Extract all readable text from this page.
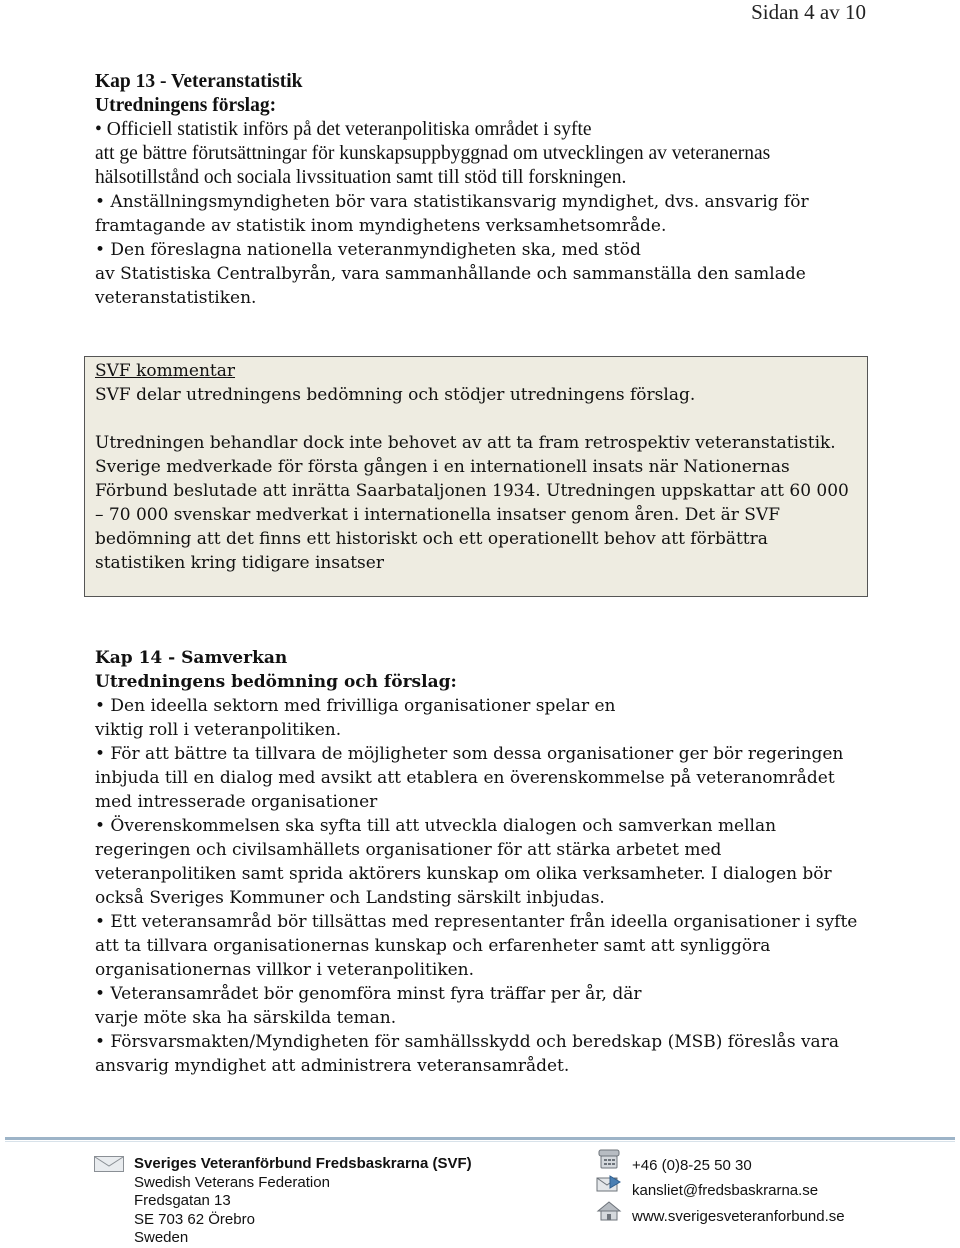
Sidan 4 av 10
Kap 13 - Veteranstatistik
Utredningens förslag:
• Officiell statistik införs på det veteranpolitiska området i syfte
att ge bättre förutsättningar för kunskapsuppbyggnad om utvecklingen av veteranernas
hälsotillstånd och sociala livssituation samt till stöd till forskningen.
• Anställningsmyndigheten bör vara statistikansvarig myndighet, dvs. ansvarig för
framtagande av statistik inom myndighetens verksamhetsområde.
• Den föreslagna nationella veteranmyndigheten ska, med stöd
av Statistiska Centralbyrån, vara sammanhållande och sammanställa den samlade
veteranstatistiken.
SVF kommentar
SVF delar utredningens bedömning och stödjer utredningens förslag.
Utredningen behandlar dock inte behovet av att ta fram retrospektiv veteranstatistik.
Sverige medverkade för första gången i en internationell insats när Nationernas
Förbund beslutade att inrätta Saarbataljonen 1934. Utredningen uppskattar att 60 000
– 70 000 svenskar medverkat i internationella insatser genom åren. Det är SVF
bedömning att det finns ett historiskt och ett operationellt behov att förbättra
statistiken kring tidigare insatser
Kap 14 - Samverkan
Utredningens bedömning och förslag:
• Den ideella sektorn med frivilliga organisationer spelar en
viktig roll i veteranpolitiken.
• För att bättre ta tillvara de möjligheter som dessa organisationer ger bör regeringen
inbjuda till en dialog med avsikt att etablera en överenskommelse på veteranområdet
med intresserade organisationer
• Överenskommelsen ska syfta till att utveckla dialogen och samverkan mellan
regeringen och civilsamhällets organisationer för att stärka arbetet med
veteranpolitiken samt sprida aktörers kunskap om olika verksamheter. I dialogen bör
också Sveriges Kommuner och Landsting särskilt inbjudas.
• Ett veteransamråd bör tillsättas med representanter från ideella organisationer i syfte
att ta tillvara organisationernas kunskap och erfarenheter samt att synliggöra
organisationernas villkor i veteranpolitiken.
• Veteransamrådet bör genomföra minst fyra träffar per år, där
varje möte ska ha särskilda teman.
• Försvarsmakten/Myndigheten för samhällsskydd och beredskap (MSB) föreslås vara
ansvarig myndighet att administrera veteransamrådet.
Sveriges Veteranförbund Fredsbaskrarna (SVF)
Swedish Veterans Federation
Fredsgatan 13
SE 703 62 Örebro
Sweden
+46 (0)8-25 50 30
kansliet@fredsbaskrarna.se
www.sverigesveteranforbund.se
